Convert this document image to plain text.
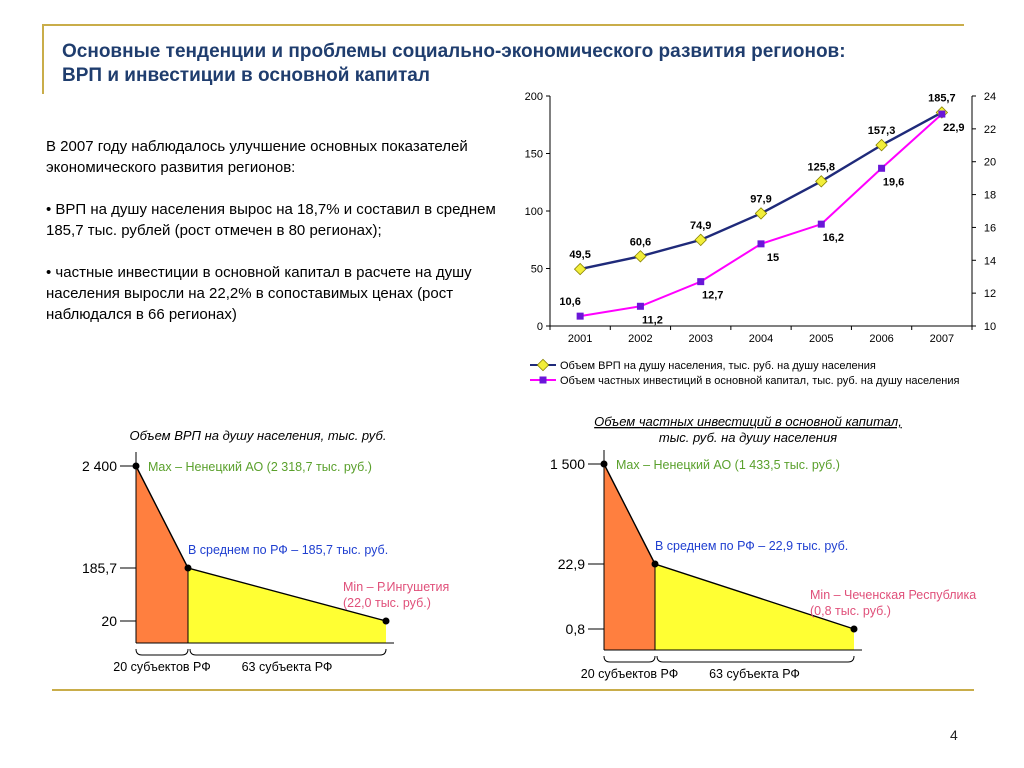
Основные тенденции и проблемы социально-экономического развития регионов:
ВРП и инвестиции в основной капитал

В 2007 году наблюдалось улучшение основных показателей экономического развития регионов:

• ВРП на душу населения вырос на 18,7% и составил в среднем 185,7 тыс. рублей (рост отмечен в 80 регионах);

• частные инвестиции в основной капитал в расчете на душу населения выросли на 22,2% в сопоставимых ценах (рост наблюдался в 66 регионах)

0
50
100
150
200
10
12
14
16
18
20
22
24
2001	2002	2003	2004	2005	2006	2007
49,5
60,6
74,9
97,9
125,8
157,3
185,7
10,6
11,2
12,7
15
16,2
19,6
22,9
Объем ВРП на душу населения, тыс. руб. на душу населения
Объем частных инвестиций в основной капитал, тыс. руб. на душу населения
Объем ВРП на душу населения, тыс. руб.
20
185,7
2 400 Max – Ненецкий АО (2 318,7 тыс. руб.)
В среднем по РФ – 185,7 тыс. руб.
Min – Р.Ингушетия
(22,0 тыс. руб.)
20 субъектов РФ 63 субъекта РФ
Объем частных инвестиций в основной капитал,
тыс. руб. на душу населения
0,8
22,9
1 500 Max – Ненецкий АО (1 433,5 тыс. руб.)
В среднем по РФ – 22,9 тыс. руб.
Min – Чеченская Республика
(0,8 тыс. руб.)
20 субъектов РФ 63 субъекта РФ
4
